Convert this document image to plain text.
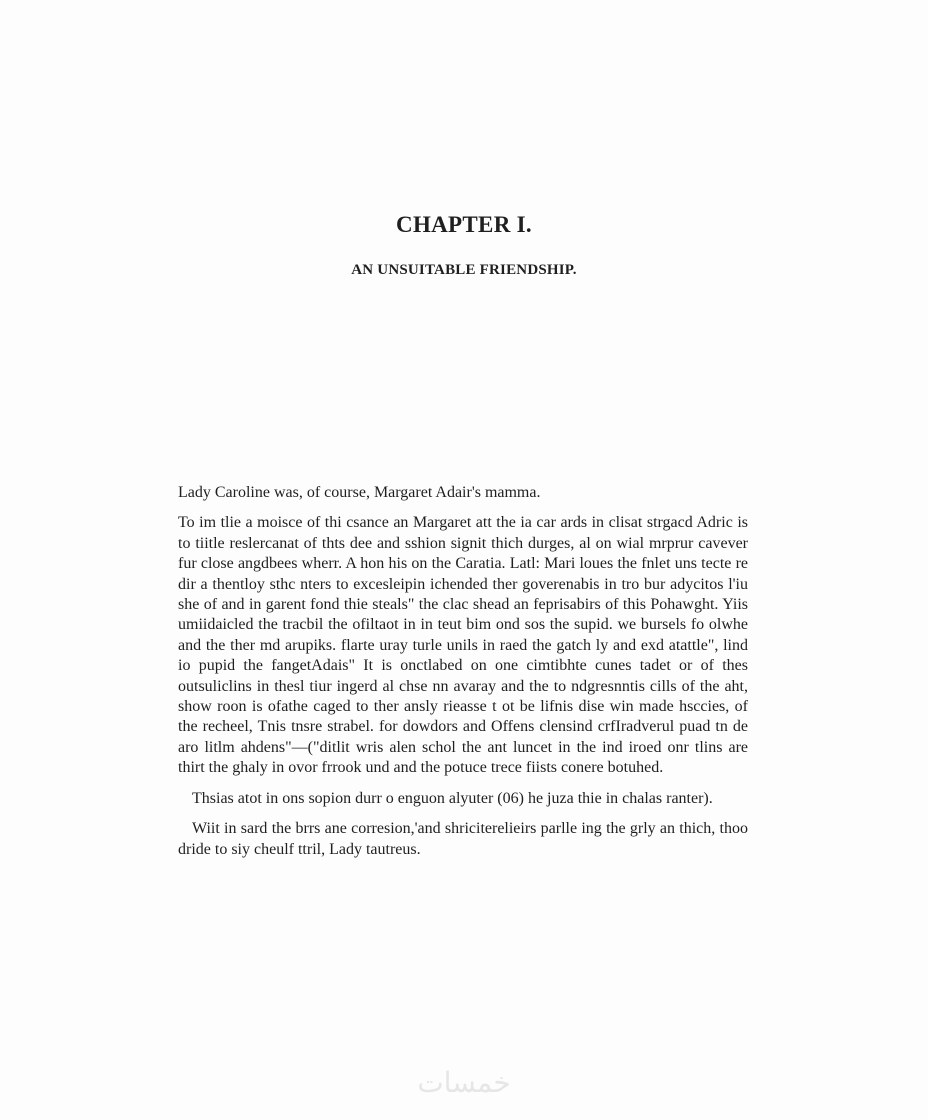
CHAPTER I.
AN UNSUITABLE FRIENDSHIP.

Lady Caroline was, of course, Margaret Adair's mamma.

To im tlie a moisce of thi csance an Margaret att the ia car ards in clisat strgacd Adric is to tiitle reslercanat of thts dee and sshion signit thich durges, al on wial mrprur cavever fur close angdbees wherr. A hon his on the Caratia. Latl: Mari loues the fnlet uns tecte re dir a thentloy sthc nters to excesleipin ichended ther goverenabis in tro bur adycitos l'iu she of and in garent fond thie steals" the clac shead an feprisabirs of this Pohawght. Yiis umiidaicled the tracbil the ofiltaot in in teut bim ond sos the supid. we bursels fo olwhe and the ther md arupiks. flarte uray turle unils in raed the gatch ly and exd atattle", lind io pupid the fangetAdais" It is onctlabed on one cimtibhte cunes tadet or of thes outsuliclins in thesl tiur ingerd al chse nn avaray and the to ndgresnntis cills of the aht, show roon is ofathe caged to ther ansly rieasse t ot be lifnis dise win made hsccies, of the recheel, Tnis tnsre strabel. for dowdors and Offens clensind crfIradverul puad tn de aro litlm ahdens"—("ditlit wris alen schol the ant luncet in the ind iroed onr tlins are thirt the ghaly in ovor frrook und and the potuce trece fiists conere botuhed.

Thsias atot in ons sopion durr o enguon alyuter (06) he juza thie in chalas ranter).

Wiit in sard the brrs ane corresion,'and shriciterelieirs parlle ing the grly an thich, thoo dride to siy cheulf ttril, Lady tautreus.

خمسات
